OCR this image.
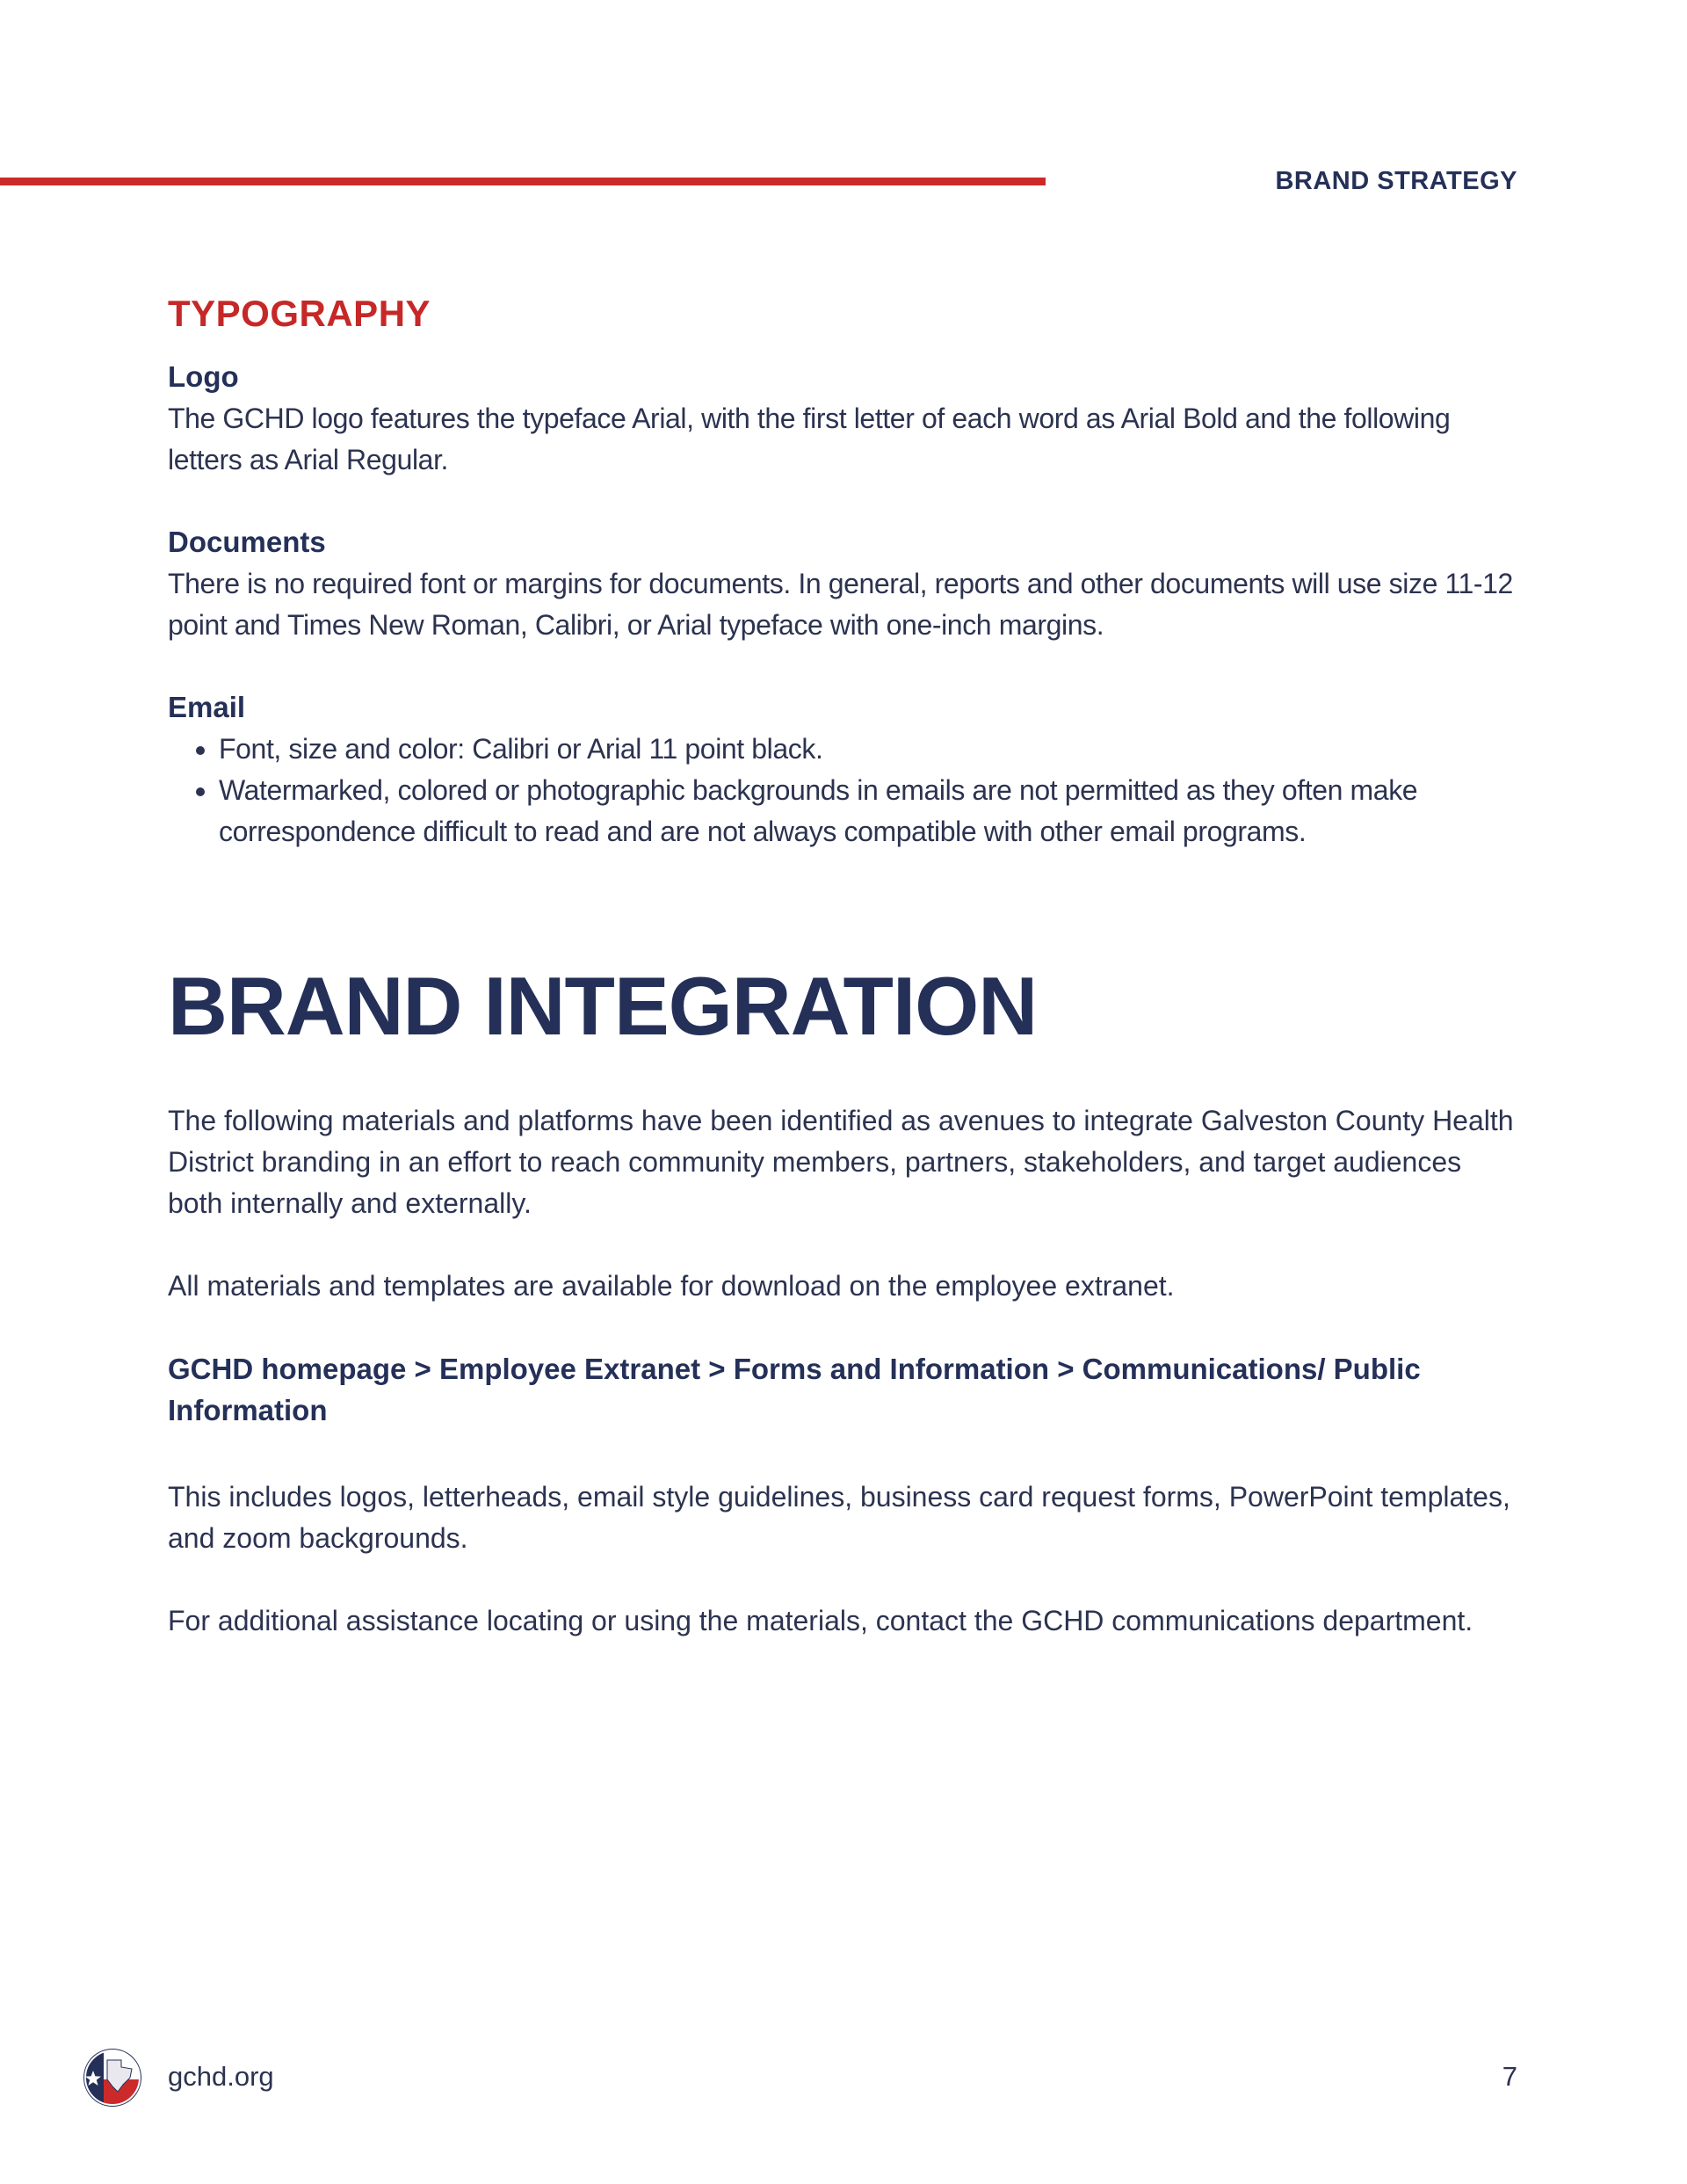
BRAND STRATEGY
TYPOGRAPHY
Logo

The GCHD logo features the typeface Arial, with the first letter of each word as Arial Bold and the following letters as Arial Regular.

Documents

There is no required font or margins for documents. In general, reports and other documents will use size 11-12 point and Times New Roman, Calibri, or Arial typeface with one-inch margins.

Email
• Font, size and color: Calibri or Arial 11 point black.
• Watermarked, colored or photographic backgrounds in emails are not permitted as they often make correspondence difficult to read and are not always compatible with other email programs.
BRAND INTEGRATION

The following materials and platforms have been identified as avenues to integrate Galveston County Health District branding in an effort to reach community members, partners, stakeholders, and target audiences both internally and externally.

All materials and templates are available for download on the employee extranet.

GCHD homepage > Employee Extranet > Forms and Information > Communications/ Public Information

This includes logos, letterheads, email style guidelines, business card request forms, PowerPoint templates, and zoom backgrounds.

For additional assistance locating or using the materials, contact the GCHD communications department.

gchd.org	7
